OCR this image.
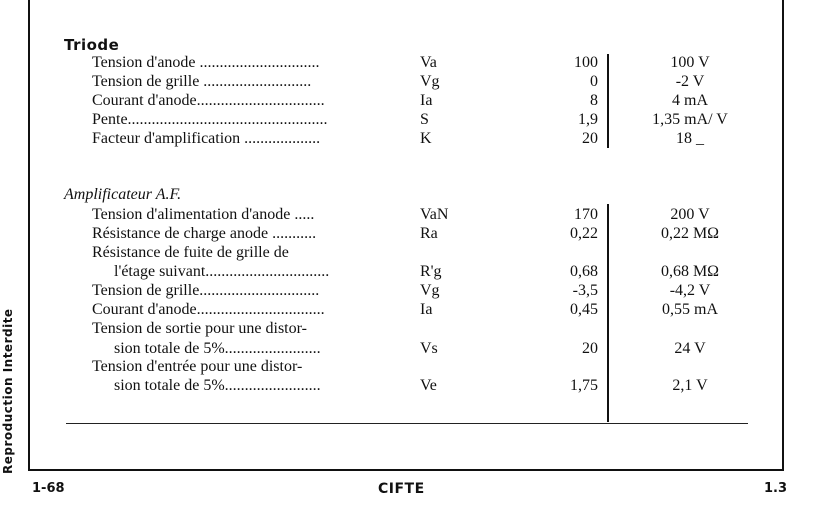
Reproduction Interdite
Triode
Tension d'anode ..............................	Va	100	100 V
Tension de grille ...........................	Vg	0	-2 V
Courant d'anode................................	Ia	8	4 mA
Pente..................................................	S	1,9	1,35 mA/ V
Facteur d'amplification ...................	K	20	18 _
Amplificateur A.F.
Tension d'alimentation d'anode .....	VaN	170	200 V
Résistance de charge anode ...........	Ra	0,22	0,22 MΩ
Résistance de fuite de grille de
l'étage suivant...............................	R'g	0,68	0,68 MΩ
Tension de grille..............................	Vg	-3,5	-4,2 V
Courant d'anode................................	Ia	0,45	0,55 mA
Tension de sortie pour une distor-
sion totale de 5%........................	Vs	20	24 V
Tension d'entrée pour une distor-
sion totale de 5%........................	Ve	1,75	2,1 V
1-68	CIFTE	1.3
